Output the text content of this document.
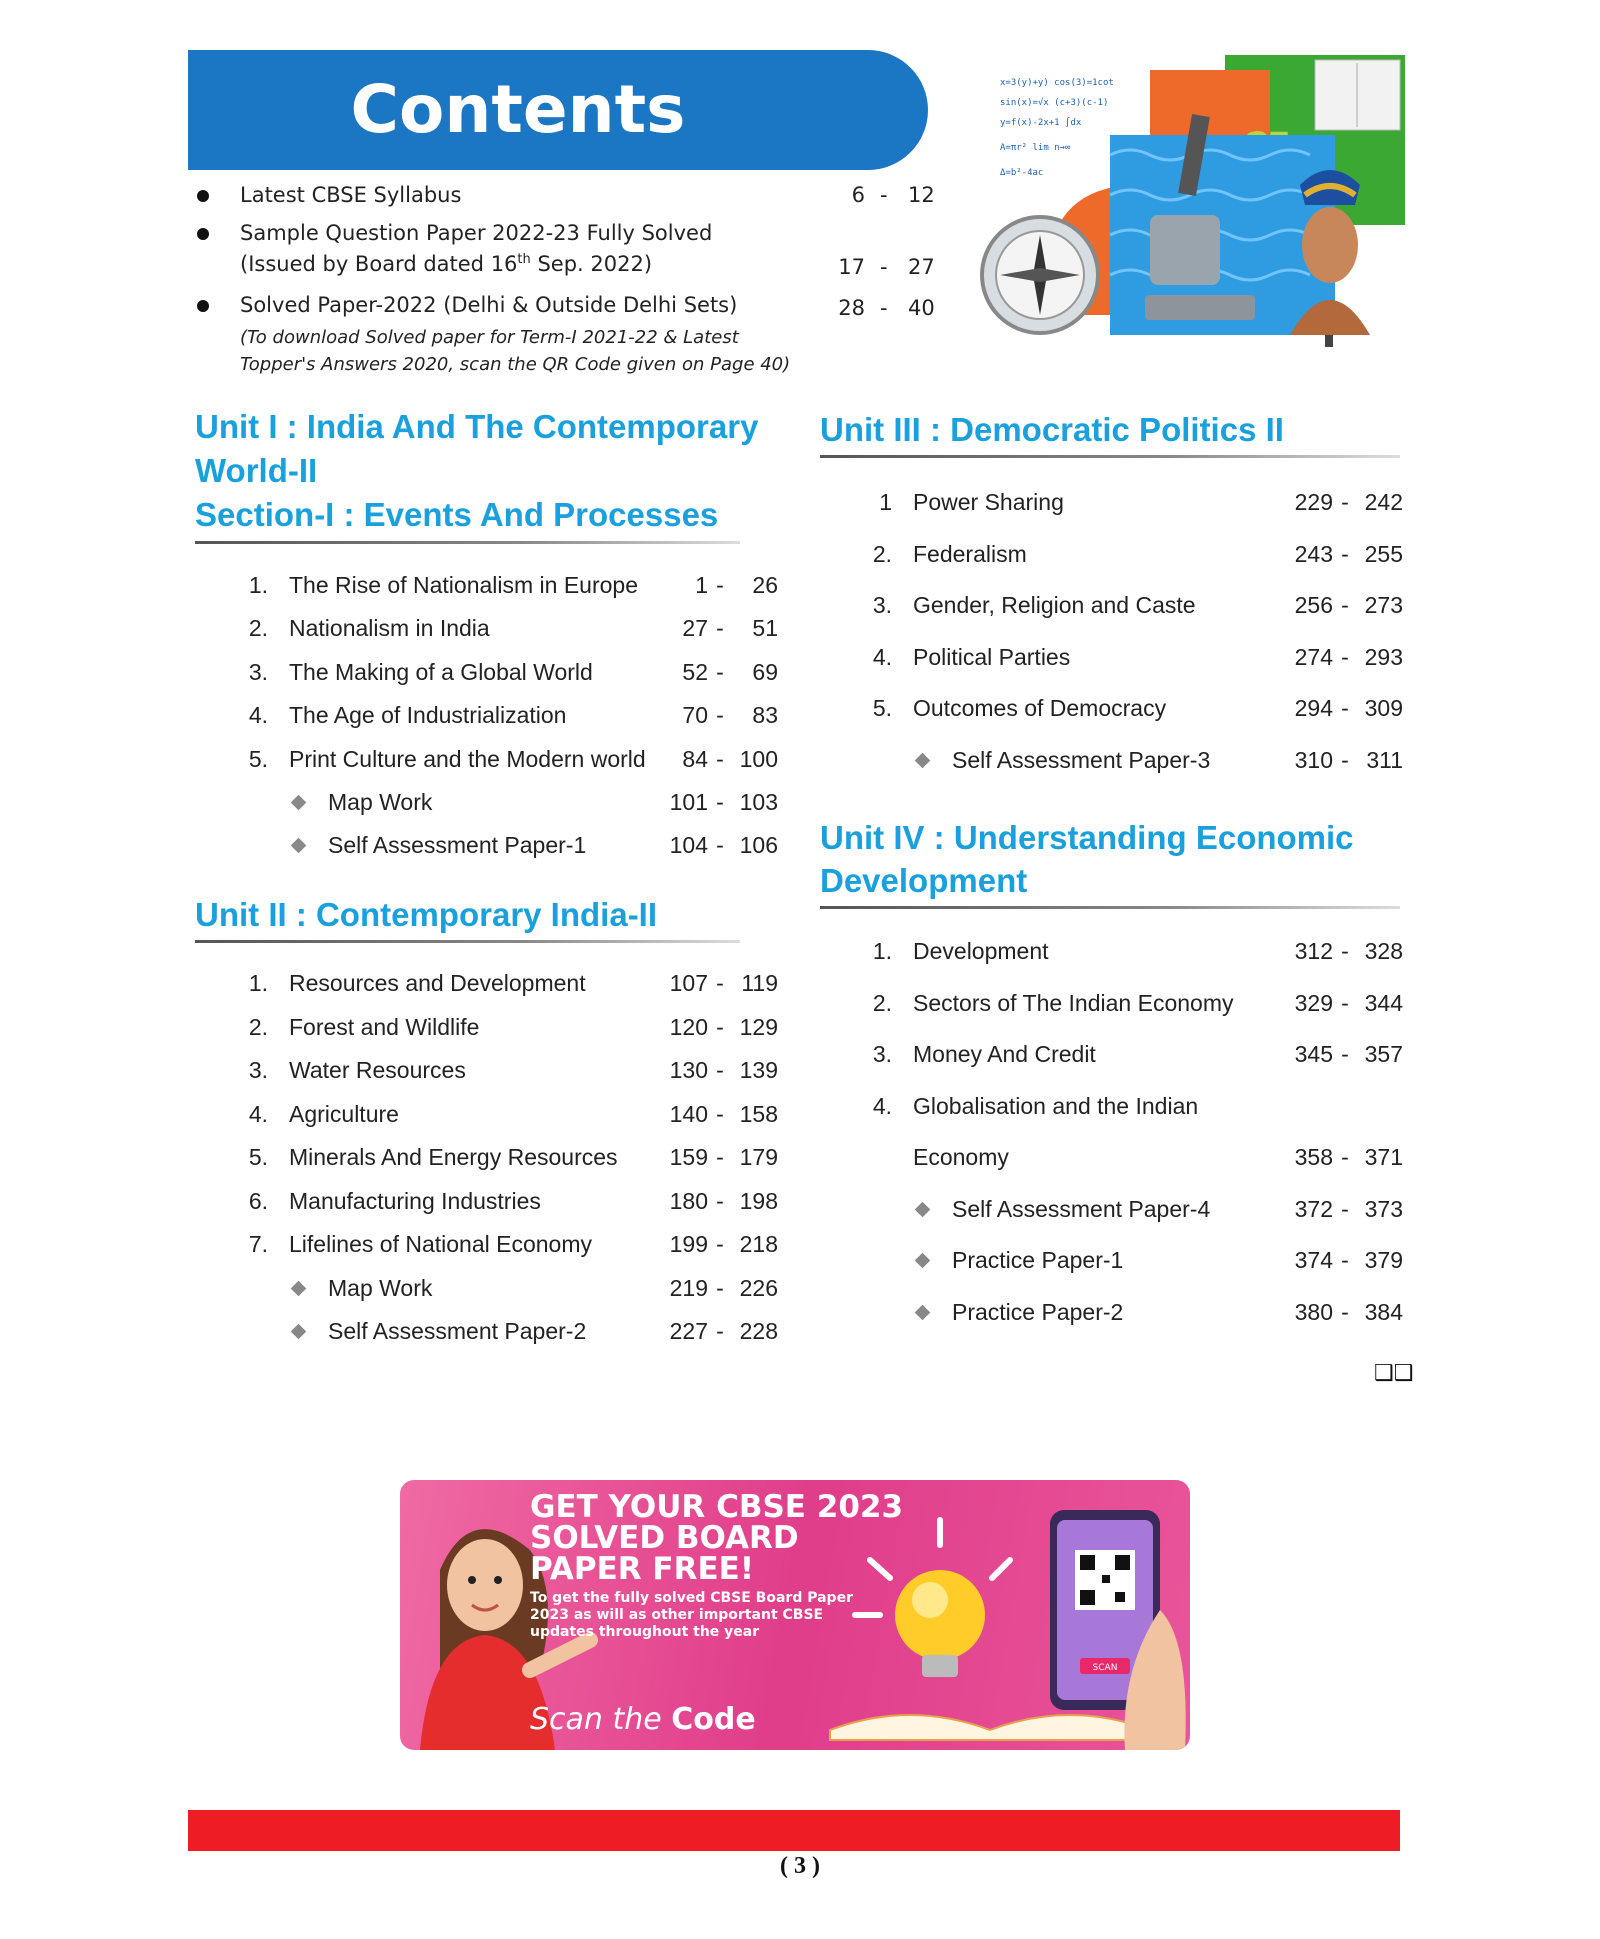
Contents	x=3(y)+y) cos(3)=1cot
sin(x)=√x (c+3)(c-1)
y=f(x)-2x+1 ∫dx
A=πr² lim n→∞
Δ=b²-4ac
Latest CBSE Syllabus	6 - 12
Sample Question Paper 2022-23 Fully Solved
(Issued by Board dated 16th Sep. 2022)	17 - 27
Solved Paper-2022 (Delhi & Outside Delhi Sets)	28 - 40
(To download Solved paper for Term-I 2021-22 & Latest
Topper's Answers 2020, scan the QR Code given on Page 40)
Unit I : India And The Contemporary
World-II
Section-I : Events And Processes
1. The Rise of Nationalism in Europe	1 -	26
2. Nationalism in India	27 -	51
3. The Making of a Global World	52 -	69
4. The Age of Industrialization	70 -	83
5. Print Culture and the Modern world	84 - 100
Map Work	101 - 103
Self Assessment Paper-1	104 - 106
Unit II : Contemporary India-II
1. Resources and Development	107 - 119
2. Forest and Wildlife	120 - 129
3. Water Resources	130 - 139
4. Agriculture	140 - 158
5. Minerals And Energy Resources	159 - 179
6. Manufacturing Industries	180 - 198
7. Lifelines of National Economy	199 - 218
Map Work	219 - 226
Self Assessment Paper-2	227 - 228
Unit III : Democratic Politics II
1 Power Sharing	229 - 242
2. Federalism	243 - 255
3. Gender, Religion and Caste	256 - 273
4. Political Parties	274 - 293
5. Outcomes of Democracy	294 - 309
Self Assessment Paper-3	310 - 311
Unit IV : Understanding Economic
Development
1. Development	312 - 328
2. Sectors of The Indian Economy	329 - 344
3. Money And Credit	345 - 357
4. Globalisation and the Indian
Economy	358 - 371
Self Assessment Paper-4	372 - 373
Practice Paper-1	374 - 379
Practice Paper-2	380 - 384
❑❑
GET YOUR CBSE 2023
SOLVED BOARD
PAPER FREE!
To get the fully solved CBSE Board Paper
2023 as will as other important CBSE
updates throughout the year
Scan the Code
SCAN
( 3 )
